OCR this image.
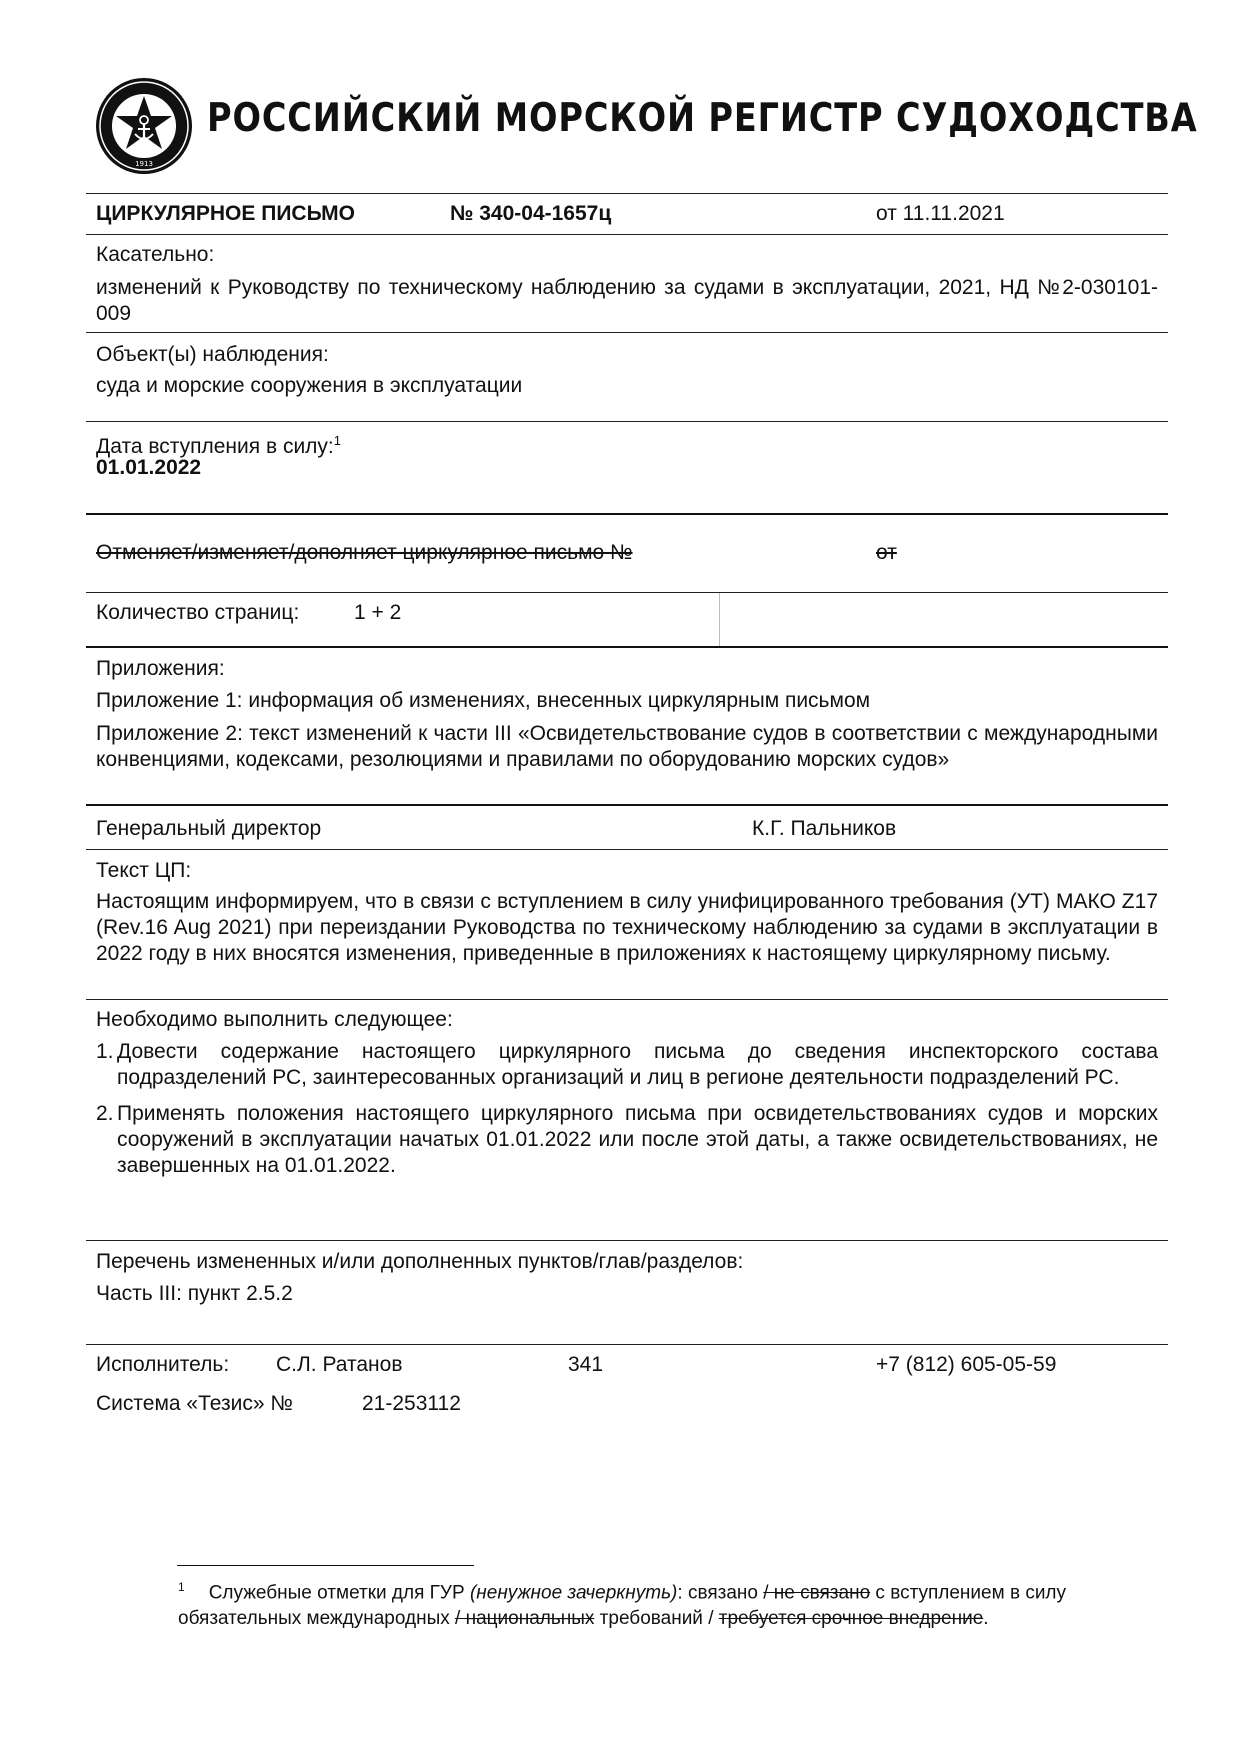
1913
РОССИЙСКИЙ МОРСКОЙ РЕГИСТР СУДОХОДСТВА
ЦИРКУЛЯРНОЕ ПИСЬМО	№ 340-04-1657ц	от 11.11.2021
Касательно:
изменений к Руководству по техническому наблюдению за судами в эксплуатации, 2021, НД №2-030101-009
Объект(ы) наблюдения:
суда и морские сооружения в эксплуатации
Дата вступления в силу:$^1$
01.01.2022
Отменяет/изменяет/дополняет циркулярное письмо №	от
Количество страниц:	1 + 2
Приложения:
Приложение 1: информация об изменениях, внесенных циркулярным письмом
Приложение 2: текст изменений к части III «Освидетельствование судов в соответствии с международными конвенциями, кодексами, резолюциями и правилами по оборудованию морских судов»
Генеральный директор	К.Г. Пальников
Текст ЦП:
Настоящим информируем, что в связи с вступлением в силу унифицированного требования (УТ) МАКО Z17 (Rev.16 Aug 2021) при переиздании Руководства по техническому наблюдению за судами в эксплуатации в 2022 году в них вносятся изменения, приведенные в приложениях к настоящему циркулярному письму.
Необходимо выполнить следующее:
1. Довести содержание настоящего циркулярного письма до сведения инспекторского состава подразделений РС, заинтересованных организаций и лиц в регионе деятельности подразделений РС.
2. Применять положения настоящего циркулярного письма при освидетельствованиях судов и морских сооружений в эксплуатации начатых 01.01.2022 или после этой даты, а также освидетельствованиях, не завершенных на 01.01.2022.
Перечень измененных и/или дополненных пунктов/глав/разделов:
Часть III: пункт 2.5.2
Исполнитель: С.Л. Ратанов	341	+7 (812) 605-05-59
Система «Тезис» №	21-253112
$^1$ Служебные отметки для ГУР (ненужное зачеркнуть): связано / не связано с вступлением в силу обязательных международных / национальных требований / требуется срочное внедрение.
